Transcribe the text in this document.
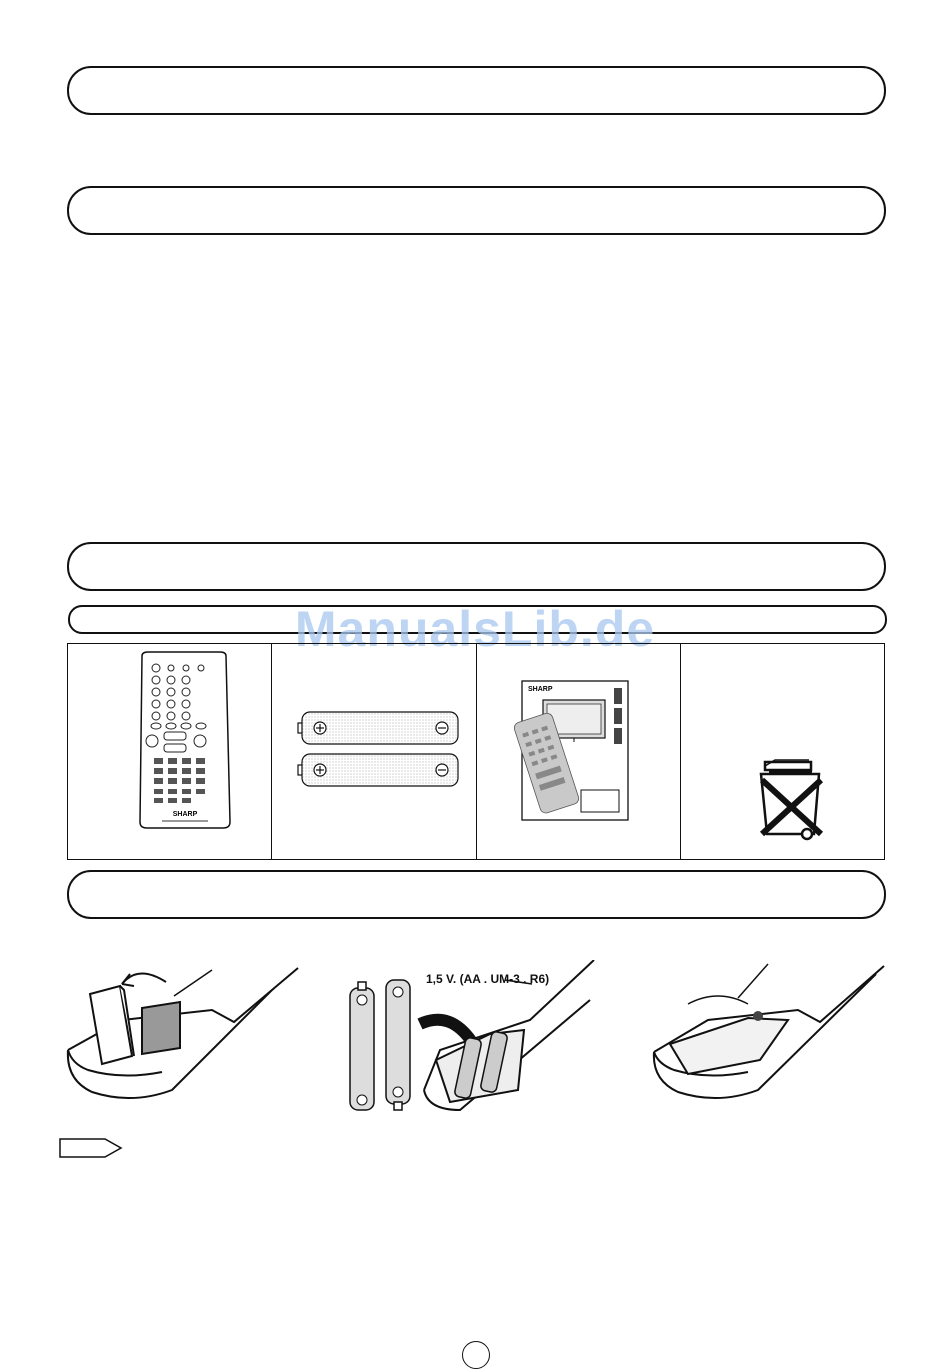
ManualsLib.de
SHARP
SHARP
1,5 V. (AA . UM-3 . R6)
